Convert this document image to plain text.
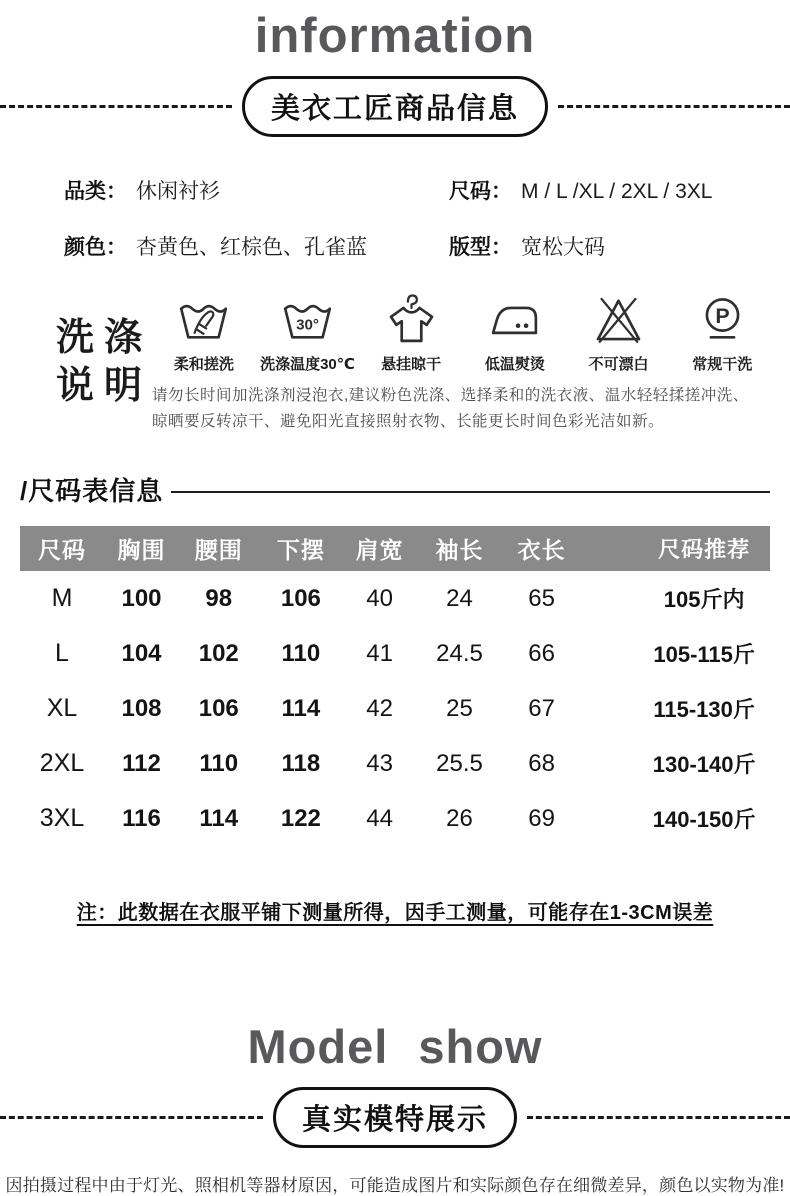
information
美衣工匠商品信息
品类： 休闲衬衫	尺码： M / L /XL / 2XL / 3XL
颜色： 杏黄色、红棕色、孔雀蓝	版型： 宽松大码
洗涤
说明
柔和搓洗
30°
洗涤温度30℃ 悬挂晾干	低温熨烫	不可漂白
P
常规干洗
请勿长时间加洗涤剂浸泡衣,建议粉色洗涤、选择柔和的洗衣液、温水轻轻揉搓冲洗、
晾晒要反转凉干、避免阳光直接照射衣物、长能更长时间色彩光洁如新。
/尺码表信息
尺码	胸围	腰围	下摆	肩宽	袖长	衣长	尺码推荐
M	100	98	106	40	24	65	105斤内
L	104	102	110	41	24.5	66	105-115斤
XL	108	106	114	42	25	67	115-130斤
2XL	112	110	118	43	25.5	68	130-140斤
3XL	116	114	122	44	26	69	140-150斤
注：此数据在衣服平铺下测量所得，因手工测量，可能存在1-3CM误差
Model show
真实模特展示
因拍摄过程中由于灯光、照相机等器材原因，可能造成图片和实际颜色存在细微差异，颜色以实物为准!
